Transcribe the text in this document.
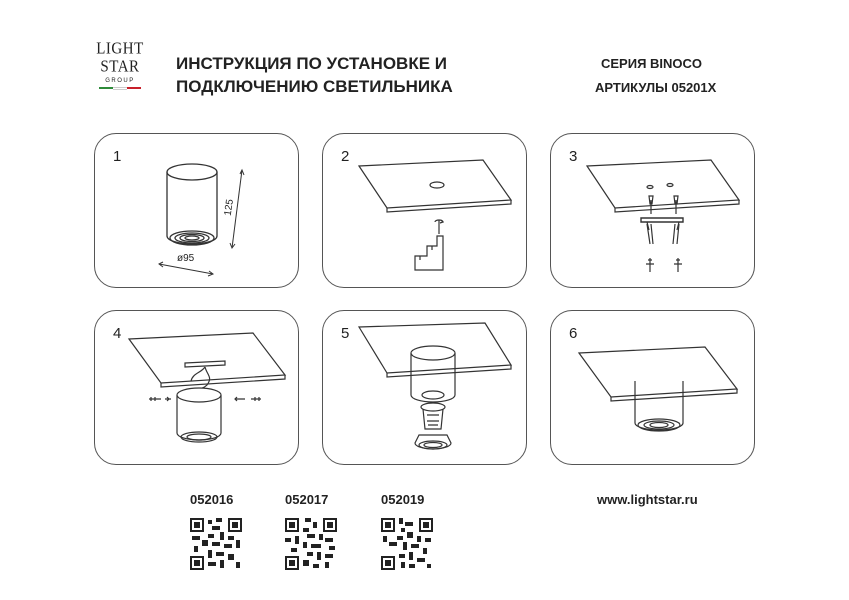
LIGHT
STAR
GROUP
ИНСТРУКЦИЯ ПО УСТАНОВКЕ И
ПОДКЛЮЧЕНИЮ СВЕТИЛЬНИКА
СЕРИЯ BINOCO
АРТИКУЛЫ 05201X
1
125
ø95
2	3
4	5	6
052016	052017	052019	www.lightstar.ru
